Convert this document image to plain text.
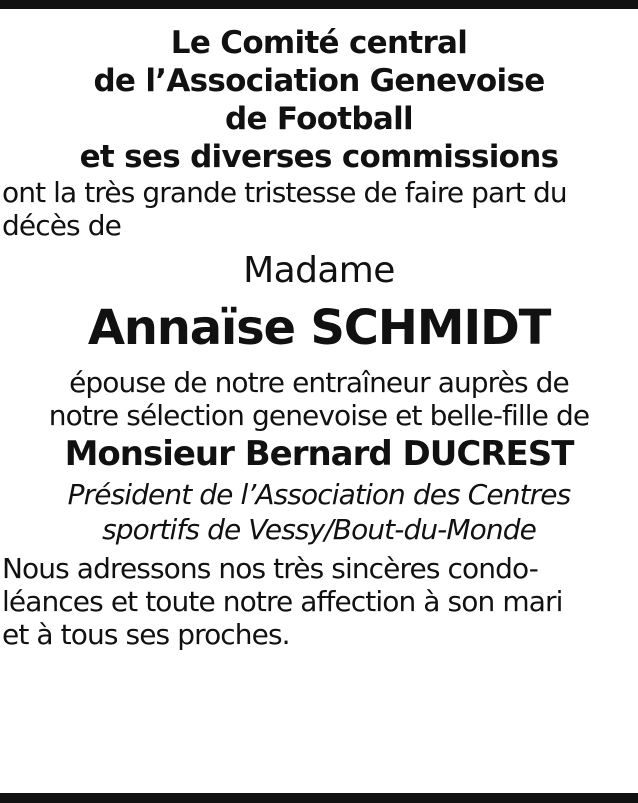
Le Comité central
de l’Association Genevoise
de Football
et ses diverses commissions
ont la très grande tristesse de faire part du
décès de
Madame
Annaïse SCHMIDT
épouse de notre entraîneur auprès de
notre sélection genevoise et belle-fille de
Monsieur Bernard DUCREST
Président de l’Association des Centres
sportifs de Vessy/Bout-du-Monde
Nous adressons nos très sincères condo-
léances et toute notre affection à son mari
et à tous ses proches.
